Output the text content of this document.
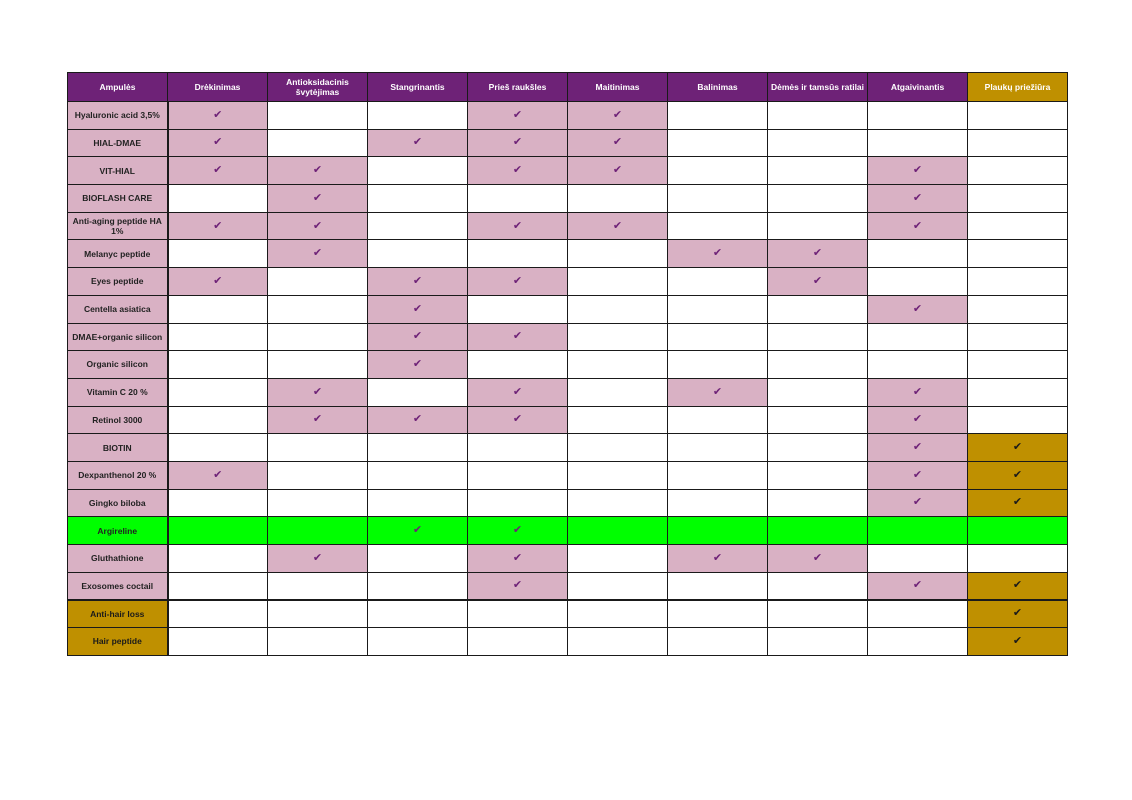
Ampulės	Drėkinimas	Antioksidacinis švytėjimas	Stangrinantis	Prieš raukšles	Maitinimas	Balinimas	Dėmės ir tamsūs ratilai	Atgaivinantis	Plaukų priežiūra
Hyaluronic acid 3,5%	✔			✔	✔				
HIAL-DMAE	✔		✔	✔	✔				
VIT-HIAL	✔	✔		✔	✔			✔	
BIOFLASH CARE		✔						✔	
Anti-aging peptide HA 1%	✔	✔		✔	✔			✔	
Melanyc peptide		✔				✔	✔		
Eyes peptide	✔		✔	✔			✔		
Centella asiatica			✔					✔	
DMAE+organic silicon			✔	✔					
Organic silicon			✔						
Vitamin C 20 %		✔		✔		✔		✔	
Retinol 3000		✔	✔	✔				✔	
BIOTIN								✔	✔
Dexpanthenol 20 %	✔							✔	✔
Gingko biloba								✔	✔
Argireline			✔	✔					
Gluthathione		✔		✔		✔	✔		
Exosomes coctail				✔				✔	✔
Anti-hair loss									✔
Hair peptide									✔
